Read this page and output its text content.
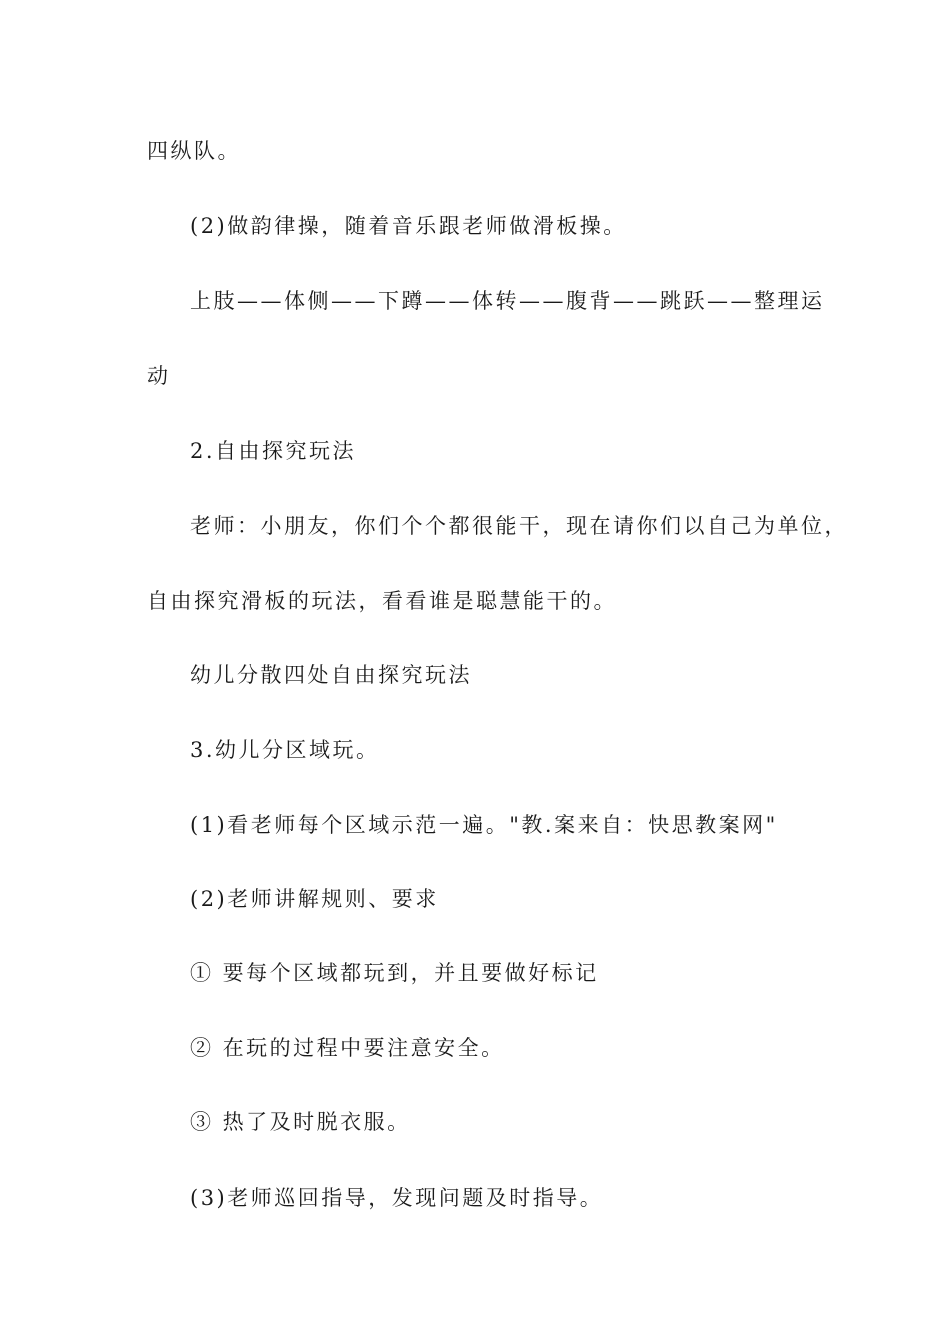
四纵队。
(2)做韵律操，随着音乐跟老师做滑板操。
上肢——体侧——下蹲——体转——腹背——跳跃——整理运
动
2.自由探究玩法
老师：小朋友，你们个个都很能干，现在请你们以自己为单位，
自由探究滑板的玩法，看看谁是聪慧能干的。
幼儿分散四处自由探究玩法
3.幼儿分区域玩。
(1)看老师每个区域示范一遍。"教.案来自：快思教案网"
(2)老师讲解规则、要求
① 要每个区域都玩到，并且要做好标记
② 在玩的过程中要注意安全。
③ 热了及时脱衣服。
(3)老师巡回指导，发现问题及时指导。
